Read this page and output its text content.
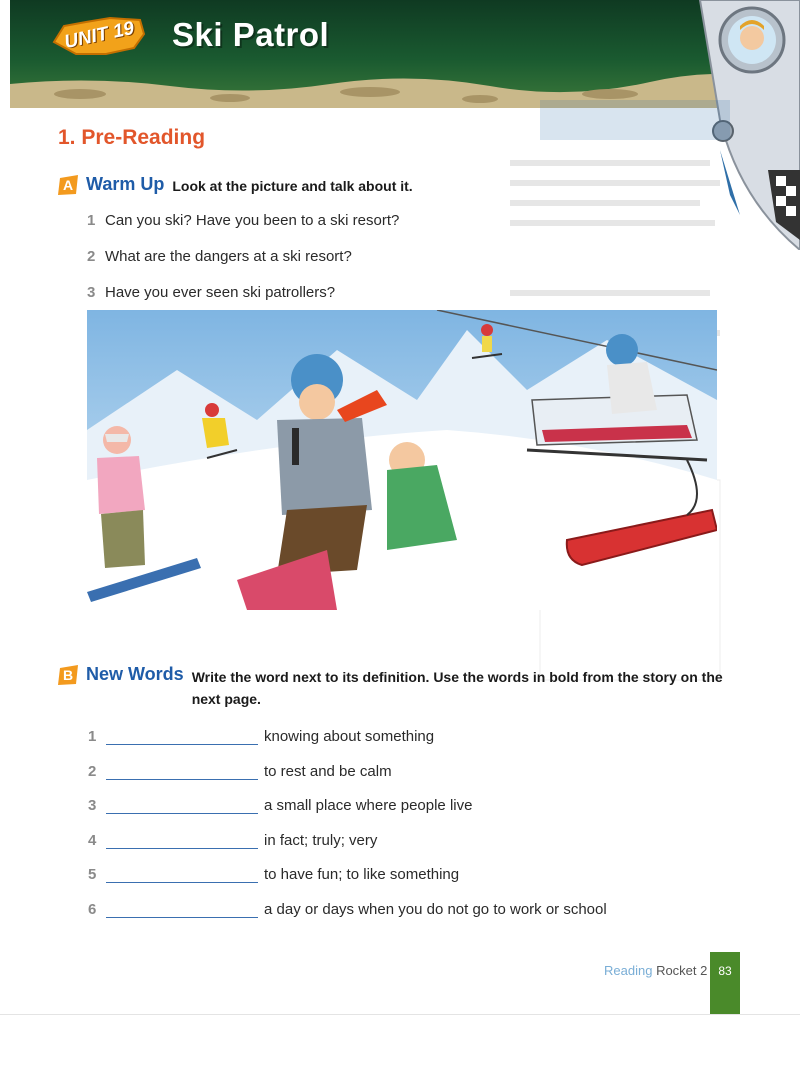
UNIT 19 Ski Patrol
1. Pre-Reading
A Warm Up Look at the picture and talk about it.
1 Can you ski? Have you been to a ski resort?
2 What are the dangers at a ski resort?
3 Have you ever seen ski patrollers?
B New Words Write the word next to its definition. Use the words in bold from the story on the next page.
1	knowing about something
2	to rest and be calm
3	a small place where people live
4	in fact; truly; very
5	to have fun; to like something
6	a day or days when you do not go to work or school
Reading Rocket 2 83
